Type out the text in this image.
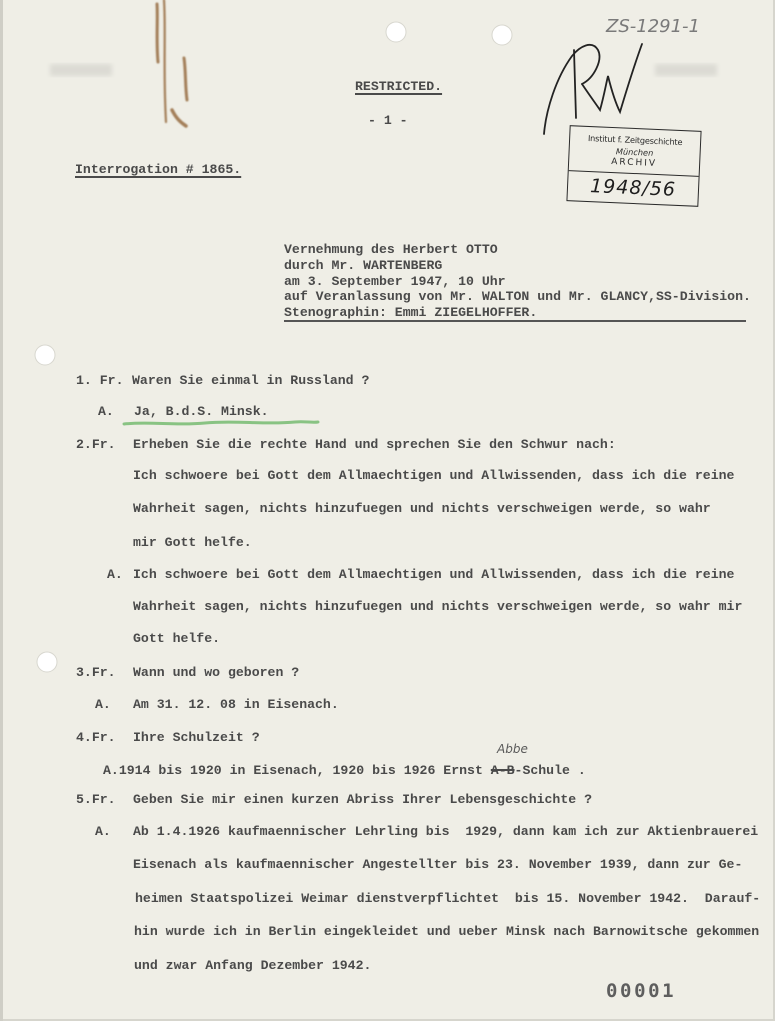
ZS-1291-1
Institut f. Zeitgeschichte
München
ARCHIV
1948/56
RESTRICTED.
- 1 -
Interrogation # 1865.
Vernehmung des Herbert OTTO
durch Mr. WARTENBERG
am 3. September 1947, 10 Uhr
auf Veranlassung von Mr. WALTON und Mr. GLANCY,SS-Division.
Stenographin: Emmi ZIEGELHOFFER.
1. Fr. Waren Sie einmal in Russland ?
A. Ja, B.d.S. Minsk.
2.Fr. Erheben Sie die rechte Hand und sprechen Sie den Schwur nach:
Ich schwoere bei Gott dem Allmaechtigen und Allwissenden, dass ich die reine
Wahrheit sagen, nichts hinzufuegen und nichts verschweigen werde, so wahr
mir Gott helfe.
A. Ich schwoere bei Gott dem Allmaechtigen und Allwissenden, dass ich die reine
Wahrheit sagen, nichts hinzufuegen und nichts verschweigen werde, so wahr mir
Gott helfe.
3.Fr. Wann und wo geboren ?
A. Am 31. 12. 08 in Eisenach.
4.Fr. Ihre Schulzeit ?
Abbe
A.1914 bis 1920 in Eisenach, 1920 bis 1926 Ernst A-B-Schule .
5.Fr. Geben Sie mir einen kurzen Abriss Ihrer Lebensgeschichte ?
A. Ab 1.4.1926 kaufmaennischer Lehrling bis  1929, dann kam ich zur Aktienbrauerei
Eisenach als kaufmaennischer Angestellter bis 23. November 1939, dann zur Ge-
heimen Staatspolizei Weimar dienstverpflichtet  bis 15. November 1942.  Darauf-
hin wurde ich in Berlin eingekleidet und ueber Minsk nach Barnowitsche gekommen
und zwar Anfang Dezember 1942.
00001
